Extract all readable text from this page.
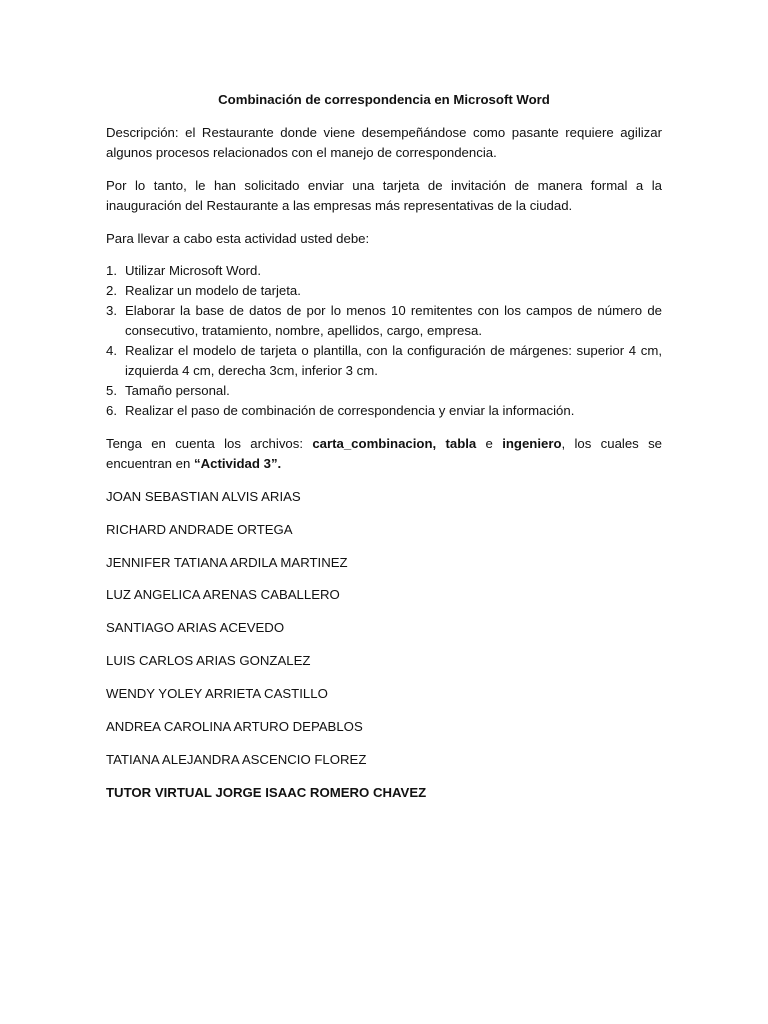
Combinación de correspondencia en Microsoft Word

Descripción: el Restaurante donde viene desempeñándose como pasante requiere agilizar algunos procesos relacionados con el manejo de correspondencia.

Por lo tanto, le han solicitado enviar una tarjeta de invitación de manera formal a la inauguración del Restaurante a las empresas más representativas de la ciudad.

Para llevar a cabo esta actividad usted debe:

1. Utilizar Microsoft Word.
2. Realizar un modelo de tarjeta.
3. Elaborar la base de datos de por lo menos 10 remitentes con los campos de número de consecutivo, tratamiento, nombre, apellidos, cargo, empresa.
4. Realizar el modelo de tarjeta o plantilla, con la configuración de márgenes: superior 4 cm, izquierda 4 cm, derecha 3cm, inferior 3 cm.
5. Tamaño personal.
6. Realizar el paso de combinación de correspondencia y enviar la información.

Tenga en cuenta los archivos: carta_combinacion, tabla e ingeniero, los cuales se encuentran en “Actividad 3”.

JOAN SEBASTIAN ALVIS ARIAS
RICHARD ANDRADE ORTEGA
JENNIFER TATIANA ARDILA MARTINEZ
LUZ ANGELICA ARENAS CABALLERO
SANTIAGO ARIAS ACEVEDO
LUIS CARLOS ARIAS GONZALEZ
WENDY YOLEY ARRIETA CASTILLO
ANDREA CAROLINA ARTURO DEPABLOS
TATIANA ALEJANDRA ASCENCIO FLOREZ
TUTOR VIRTUAL JORGE ISAAC ROMERO CHAVEZ
